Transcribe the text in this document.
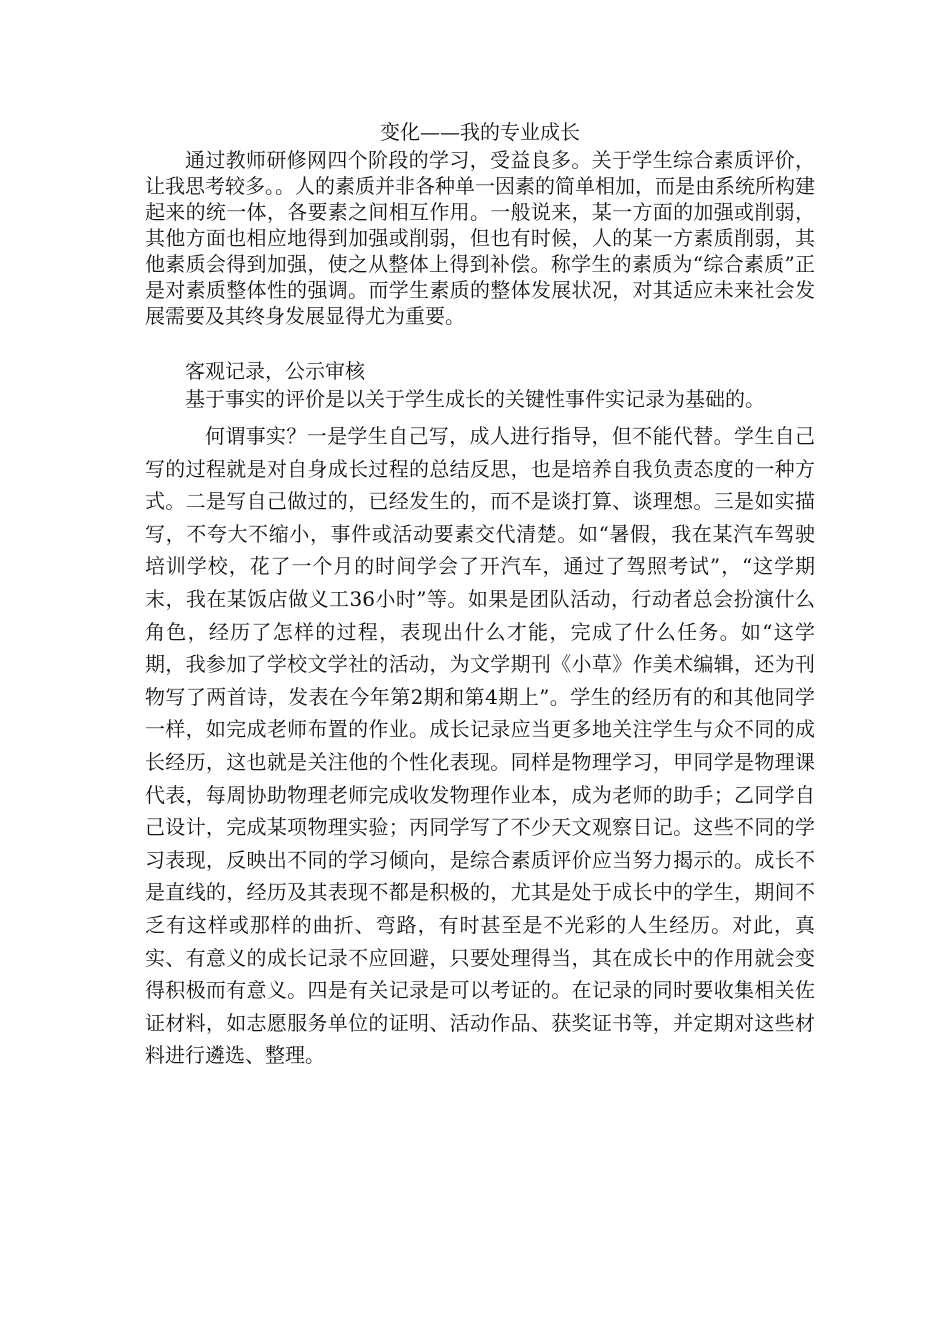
变化——我的专业成长

通过教师研修网四个阶段的学习，受益良多。关于学生综合素质评价，让我思考较多。。人的素质并非各种单一因素的简单相加，而是由系统所构建起来的统一体，各要素之间相互作用。一般说来，某一方面的加强或削弱，其他方面也相应地得到加强或削弱，但也有时候，人的某一方素质削弱，其他素质会得到加强，使之从整体上得到补偿。称学生的素质为“综合素质”正是对素质整体性的强调。而学生素质的整体发展状况，对其适应未来社会发展需要及其终身发展显得尤为重要。

客观记录，公示审核

基于事实的评价是以关于学生成长的关键性事件实记录为基础的。

何谓事实？一是学生自己写，成人进行指导，但不能代替。学生自己写的过程就是对自身成长过程的总结反思，也是培养自我负责态度的一种方式。二是写自己做过的，已经发生的，而不是谈打算、谈理想。三是如实描写，不夸大不缩小，事件或活动要素交代清楚。如“暑假，我在某汽车驾驶培训学校，花了一个月的时间学会了开汽车，通过了驾照考试”，“这学期末，我在某饭店做义工36小时”等。如果是团队活动，行动者总会扮演什么角色，经历了怎样的过程，表现出什么才能，完成了什么任务。如“这学期，我参加了学校文学社的活动，为文学期刊《小草》作美术编辑，还为刊物写了两首诗，发表在今年第2期和第4期上”。学生的经历有的和其他同学一样，如完成老师布置的作业。成长记录应当更多地关注学生与众不同的成长经历，这也就是关注他的个性化表现。同样是物理学习，甲同学是物理课代表，每周协助物理老师完成收发物理作业本，成为老师的助手；乙同学自己设计，完成某项物理实验；丙同学写了不少天文观察日记。这些不同的学习表现，反映出不同的学习倾向，是综合素质评价应当努力揭示的。成长不是直线的，经历及其表现不都是积极的，尤其是处于成长中的学生，期间不乏有这样或那样的曲折、弯路，有时甚至是不光彩的人生经历。对此，真实、有意义的成长记录不应回避，只要处理得当，其在成长中的作用就会变得积极而有意义。四是有关记录是可以考证的。在记录的同时要收集相关佐证材料，如志愿服务单位的证明、活动作品、获奖证书等，并定期对这些材料进行遴选、整理。
